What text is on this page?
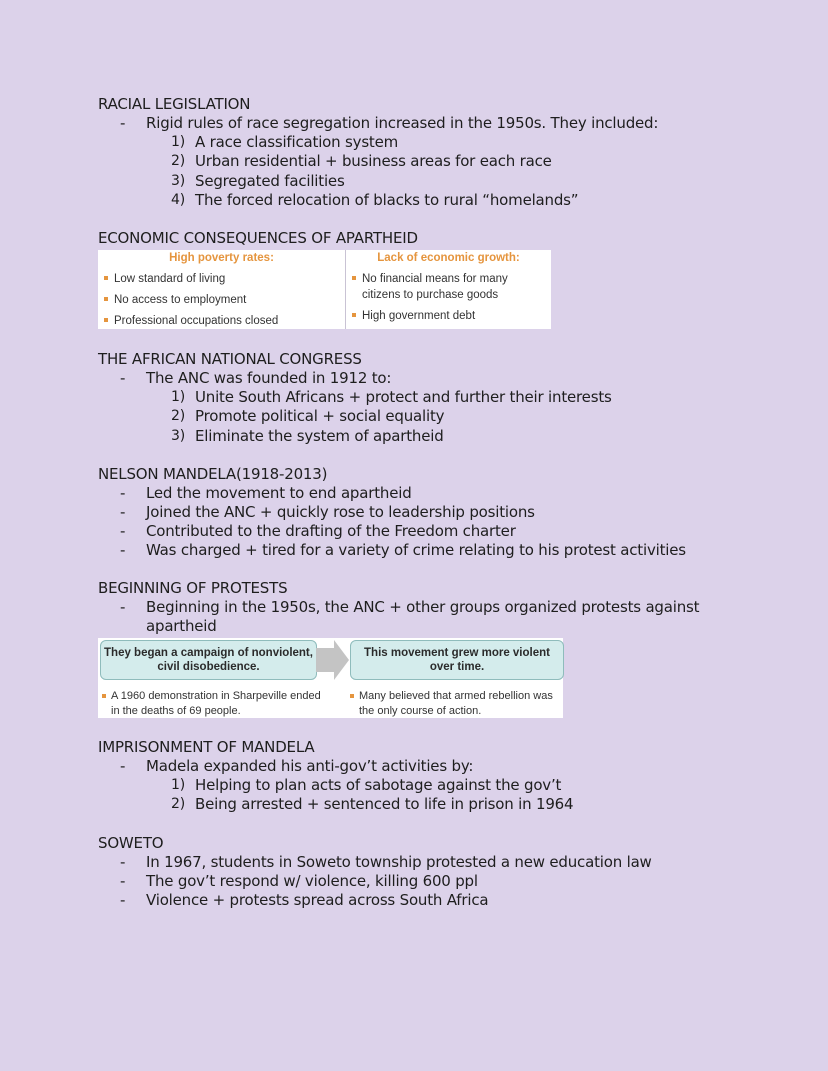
RACIAL LEGISLATION
- Rigid rules of race segregation increased in the 1950s. They included:
1) A race classification system
2) Urban residential + business areas for each race
3) Segregated facilities
4) The forced relocation of blacks to rural “homelands”
ECONOMIC CONSEQUENCES OF APARTHEID
High poverty rates:
Low standard of living
No access to employment
Professional occupations closed
Lack of economic growth:
No financial means for many citizens to purchase goods
High government debt
THE AFRICAN NATIONAL CONGRESS
- The ANC was founded in 1912 to:
1) Unite South Africans + protect and further their interests
2) Promote political + social equality
3) Eliminate the system of apartheid
NELSON MANDELA(1918-2013)
- Led the movement to end apartheid
- Joined the ANC + quickly rose to leadership positions
- Contributed to the drafting of the Freedom charter
- Was charged + tired for a variety of crime relating to his protest activities
BEGINNING OF PROTESTS
- Beginning in the 1950s, the ANC + other groups organized protests against apartheid
They began a campaign of nonviolent, civil disobedience.
This movement grew more violent over time.
A 1960 demonstration in Sharpeville ended in the deaths of 69 people.
Many believed that armed rebellion was the only course of action.
IMPRISONMENT OF MANDELA
- Madela expanded his anti-gov’t activities by:
1) Helping to plan acts of sabotage against the gov’t
2) Being arrested + sentenced to life in prison in 1964
SOWETO
- In 1967, students in Soweto township protested a new education law
- The gov’t respond w/ violence, killing 600 ppl
- Violence + protests spread across South Africa
